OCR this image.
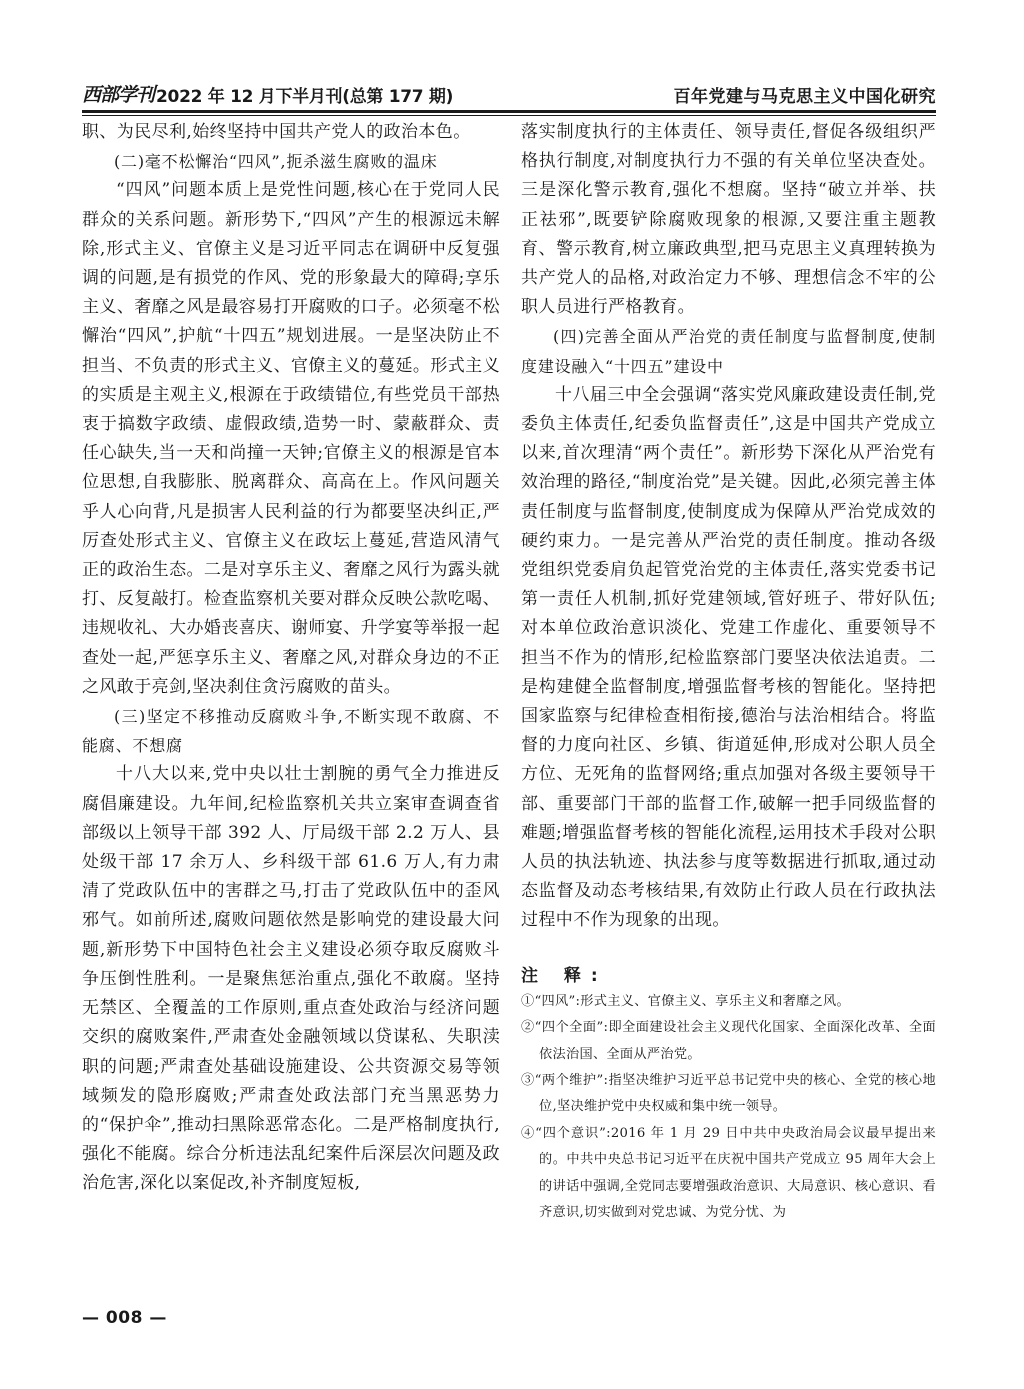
西部学刊 2022 年 12 月下半月刊(总第 177 期)	百年党建与马克思主义中国化研究

职、为民尽利,始终坚持中国共产党人的政治本色。

(二)毫不松懈治“四风”,扼杀滋生腐败的温床

“四风”问题本质上是党性问题,核心在于党同人民群众的关系问题。新形势下,“四风”产生的根源远未解除,形式主义、官僚主义是习近平同志在调研中反复强调的问题,是有损党的作风、党的形象最大的障碍;享乐主义、奢靡之风是最容易打开腐败的口子。必须毫不松懈治“四风”,护航“十四五”规划进展。一是坚决防止不担当、不负责的形式主义、官僚主义的蔓延。形式主义的实质是主观主义,根源在于政绩错位,有些党员干部热衷于搞数字政绩、虚假政绩,造势一时、蒙蔽群众、责任心缺失,当一天和尚撞一天钟;官僚主义的根源是官本位思想,自我膨胀、脱离群众、高高在上。作风问题关乎人心向背,凡是损害人民利益的行为都要坚决纠正,严厉查处形式主义、官僚主义在政坛上蔓延,营造风清气正的政治生态。二是对享乐主义、奢靡之风行为露头就打、反复敲打。检查监察机关要对群众反映公款吃喝、违规收礼、大办婚丧喜庆、谢师宴、升学宴等举报一起查处一起,严惩享乐主义、奢靡之风,对群众身边的不正之风敢于亮剑,坚决刹住贪污腐败的苗头。

(三)坚定不移推动反腐败斗争,不断实现不敢腐、不能腐、不想腐

十八大以来,党中央以壮士割腕的勇气全力推进反腐倡廉建设。九年间,纪检监察机关共立案审查调查省部级以上领导干部 392 人、厅局级干部 2.2 万人、县处级干部 17 余万人、乡科级干部 61.6 万人,有力肃清了党政队伍中的害群之马,打击了党政队伍中的歪风邪气。如前所述,腐败问题依然是影响党的建设最大问题,新形势下中国特色社会主义建设必须夺取反腐败斗争压倒性胜利。一是聚焦惩治重点,强化不敢腐。坚持无禁区、全覆盖的工作原则,重点查处政治与经济问题交织的腐败案件,严肃查处金融领域以贷谋私、失职渎职的问题;严肃查处基础设施建设、公共资源交易等领域频发的隐形腐败;严肃查处政法部门充当黑恶势力的“保护伞”,推动扫黑除恶常态化。二是严格制度执行,强化不能腐。综合分析违法乱纪案件后深层次问题及政治危害,深化以案促改,补齐制度短板,

落实制度执行的主体责任、领导责任,督促各级组织严格执行制度,对制度执行力不强的有关单位坚决查处。三是深化警示教育,强化不想腐。坚持“破立并举、扶正祛邪”,既要铲除腐败现象的根源,又要注重主题教育、警示教育,树立廉政典型,把马克思主义真理转换为共产党人的品格,对政治定力不够、理想信念不牢的公职人员进行严格教育。

(四)完善全面从严治党的责任制度与监督制度,使制度建设融入“十四五”建设中

十八届三中全会强调“落实党风廉政建设责任制,党委负主体责任,纪委负监督责任”,这是中国共产党成立以来,首次理清“两个责任”。新形势下深化从严治党有效治理的路径,“制度治党”是关键。因此,必须完善主体责任制度与监督制度,使制度成为保障从严治党成效的硬约束力。一是完善从严治党的责任制度。推动各级党组织党委肩负起管党治党的主体责任,落实党委书记第一责任人机制,抓好党建领域,管好班子、带好队伍;对本单位政治意识淡化、党建工作虚化、重要领导不担当不作为的情形,纪检监察部门要坚决依法追责。二是构建健全监督制度,增强监督考核的智能化。坚持把国家监察与纪律检查相衔接,德治与法治相结合。将监督的力度向社区、乡镇、街道延伸,形成对公职人员全方位、无死角的监督网络;重点加强对各级主要领导干部、重要部门干部的监督工作,破解一把手同级监督的难题;增强监督考核的智能化流程,运用技术手段对公职人员的执法轨迹、执法参与度等数据进行抓取,通过动态监督及动态考核结果,有效防止行政人员在行政执法过程中不作为现象的出现。

注 释:

①“四风”:形式主义、官僚主义、享乐主义和奢靡之风。

②“四个全面”:即全面建设社会主义现代化国家、全面深化改革、全面依法治国、全面从严治党。

③“两个维护”:指坚决维护习近平总书记党中央的核心、全党的核心地位,坚决维护党中央权威和集中统一领导。

④“四个意识”:2016 年 1 月 29 日中共中央政治局会议最早提出来的。中共中央总书记习近平在庆祝中国共产党成立 95 周年大会上的讲话中强调,全党同志要增强政治意识、大局意识、核心意识、看齐意识,切实做到对党忠诚、为党分忧、为

— 008 —
